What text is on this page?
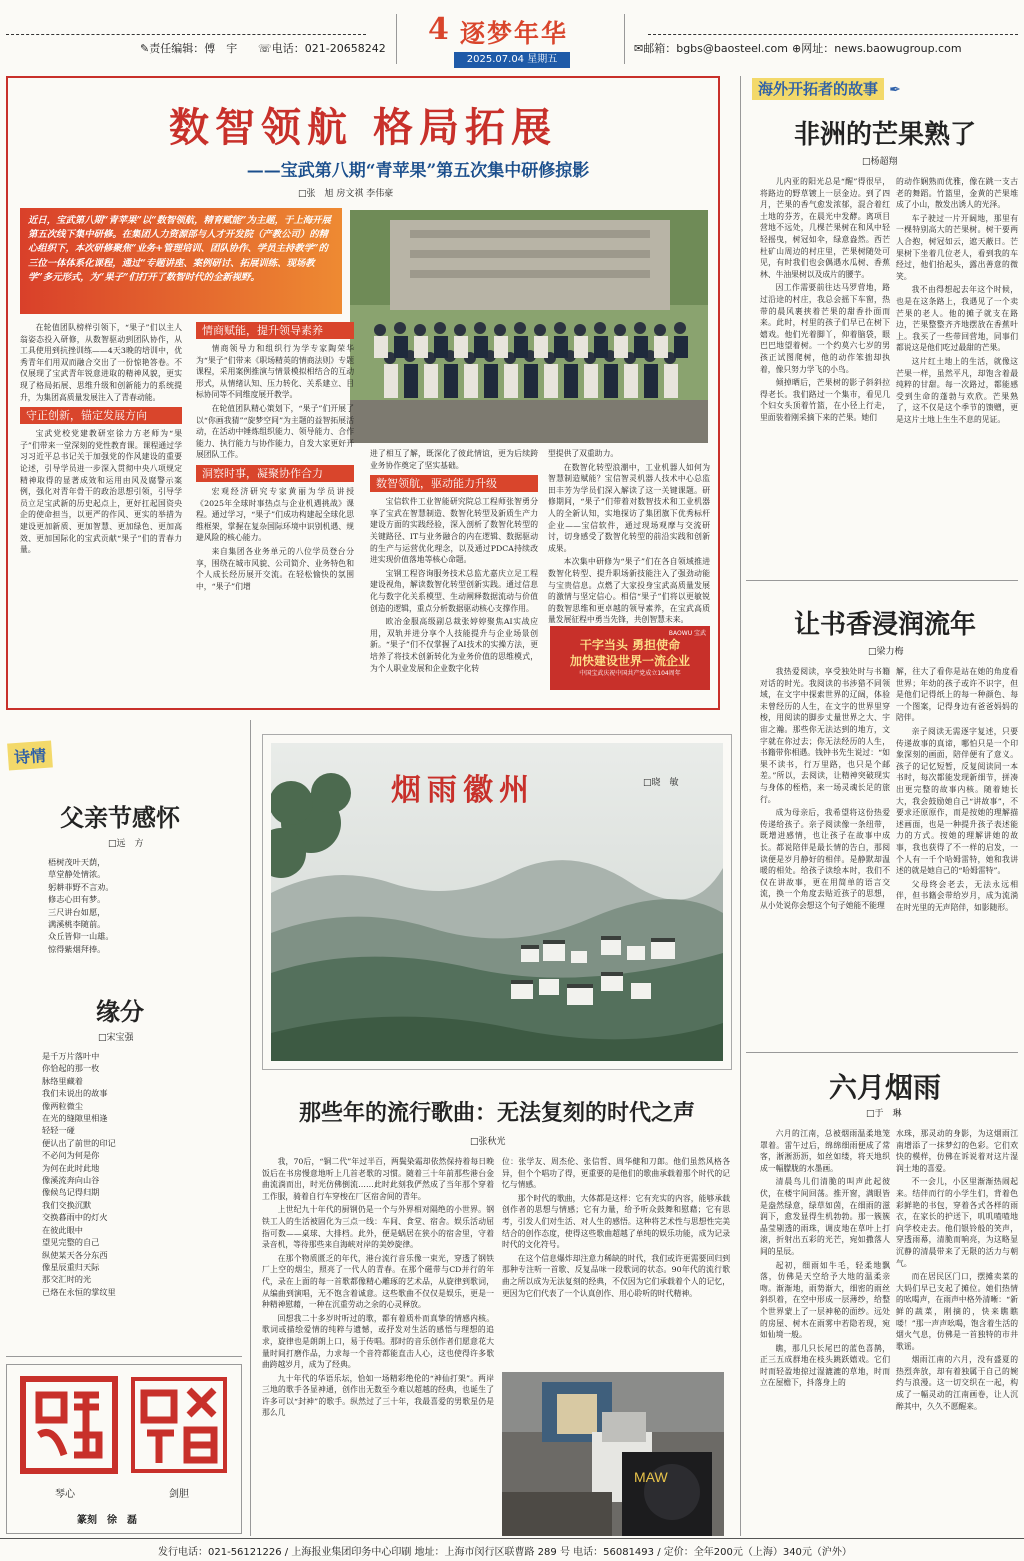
✎责任编辑：傅　宇 ☏电话：021-20658242
4 逐梦年华
2025.07.04 星期五
✉邮箱：bgbs@baosteel.com ⊕网址：news.baowugroup.com
数智领航 格局拓展
——宝武第八期“青苹果”第五次集中研修掠影
□张　旭 房文祺 李伟豪
近日，宝武第八期“青苹果”以“数智领航，精育赋能”为主题，于上海开展第五次线下集中研修。在集团人力资源部与人才开发院（产教公司）的精心组织下，本次研修聚焦“业务+管理培训、团队协作、学员主持教学”的三位一体体系化课程，通过“专题讲座、案例研讨、拓展训练、现场教学”多元形式，为“果子”们打开了数智时代的全新视野。

在轮值团队榜样引领下，“果子”们以主人翁姿态投入研修，从数智驱动到团队协作，从工具使用到抗挫训练——4天3晚的培训中，优秀青年们用双而融合交出了一份惊艳答卷。不仅展现了宝武青年锐意进取的精神风貌，更实现了格局拓展、思维升级和创新能力的系统提升，为集团高质量发展注入了青春动能。

守正创新，锚定发展方向

宝武党校党建教研室徐力方老师为“果子”们带来一堂深刻的党性教育课。课程通过学习习近平总书记关于加强党的作风建设的重要论述，引导学员进一步深入贯彻中央八项规定精神取得的显著成效和运用由风及腐警示案例，强化对青年骨干的政治思想引领，引导学员立足宝武新的历史起点上，更好扛起国资央企的使命担当，以更严的作风、更实的举措为建设更加新质、更加智慧、更加绿色、更加高效、更加国际化的宝武贡献“果子”们的青春力量。

情商赋能，提升领导素养

情商领导力和组织行为学专家陶荣华为“果子”们带来《职场精英的情商法则》专题课程，采用案例推演与情景模拟相结合的互动形式，从情绪认知、压力转化、关系建立、目标协同等不同维度展开教学。

在轮值团队精心策划下，“果子”们开展了以“你画我猜”“旋梦空间”为主题的益智拓展活动，在活动中锤炼组织能力、领导能力、合作能力、执行能力与协作能力，自发大家更好开展团队工作。

洞察时事，凝聚协作合力

宏观经济研究专家黄丽为学员讲授《2025年全球时事热点与企业机遇挑战》课程。通过学习，“果子”们成功构建起全球化思维框架，掌握在复杂国际环境中识别机遇、规避风险的核心能力。

来自集团各业务单元的八位学员登台分享，围绕在城市风貌、公司简介、业务特色和个人成长经历展开交流。在轻松愉快的氛围中，“果子”们增

进了相互了解，既深化了彼此情谊，更为后续跨业务协作奠定了坚实基础。

数智领航，驱动能力升级

宝信软件工业智能研究院总工程师张智勇分享了宝武在智慧制造、数智化转型及新质生产力建设方面的实践经验，深入剖析了数智化转型的关键路径、IT与业务融合的内在逻辑、数据驱动的生产与运营优化理念，以及通过PDCA持续改进实现价值落地等核心命题。

宝钢工程咨询服务技术总监尤嘉庆立足工程建设视角，解读数智化转型创新实践。通过信息化与数字化关系模型、生动阐释数据流动与价值创造的逻辑，重点分析数据驱动核心支撑作用。

欧冶金服高级副总裁张婷婷聚焦AI实战应用，双轨并进分享个人技能提升与企业场景创新。“果子”们不仅掌握了AI技术的实操方法，更培养了将技术创新转化为业务价值的思维模式，为个人职业发展和企业数字化转

型提供了双重助力。

在数智化转型浪潮中，工业机器人如何为智慧制造赋能？宝信智灵机器人技术中心总监田丰芳为学员们深入解读了这一关键课题。研修期间，“果子”们带着对数智技术和工业机器人的全新认知，实地探访了集团旗下优秀标杆企业——宝信软件，通过现场观摩与交流研讨，切身感受了数智化转型的前沿实践和创新成果。

本次集中研修为“果子”们在各自领域推进数智化转型、提升职场新技能注入了强劲动能与宝贵信息。点燃了大家投身宝武高质量发展的激情与坚定信心。相信“果子”们将以更敏锐的数智思维和更卓越的领导素养，在宝武高质量发展征程中勇当先锋，共创智慧未来。

BAOWU 宝武
干字当头 勇担使命
加快建设世界一流企业
中国宝武庆祝中国共产党成立104周年
海外开拓者的故事 ✒
非洲的芒果熟了
□杨超翔

儿内亚的阳光总是“醒”得很早，将路边的野草镀上一层金边。到了四月，芒果的香气愈发浓郁，混合着红土地的芬芳，在晨光中发酵。离项目营地不远处，几棵芒果树在和风中轻轻摇曳，树冠如伞，绿意盎然。西芒杜矿山周边的村庄里，芒果树随处可见，有时我们也会偶遇水瓜树、香蕉林、牛油果树以及成片的腰芋。

因工作需要前往达马罗营地，路过沿途的村庄，我总会摇下车窗，热带的晨风裹挟着芒果的甜香扑面而来。此时，村里的孩子们早已在树下嬉戏。他们光着脚丫，仰着脑袋，眼巴巴地望着树。一个约莫六七岁的男孩正试图爬树，他的动作笨拙却执着，像只努力学飞的小鸟。

倾掉晒后，芒果树的影子斜斜拉得老长。我们路过一个集市，看见几个妇女头顶着竹篮，在小径上行走，里面装着刚采摘下来的芒果。她们

的动作娴熟而优雅，像在跳一支古老的舞蹈。竹篮里，金黄的芒果堆成了小山，散发出诱人的光泽。

车子驶过一片开阔地，那里有一棵特别高大的芒果树。树干要两人合抱，树冠如云，遮天蔽日。芒果树下坐着几位老人，看到我的车经过，他们抬起头，露出善意的微笑。

我不由得想起去年这个时候，也是在这条路上，我遇见了一个卖芒果的老人。他的摊子就支在路边，芒果整整齐齐地摆放在香蕉叶上。我买了一些带回营地，同事们都说这是他们吃过最甜的芒果。

这片红土地上的生活，就像这芒果一样，虽然平凡，却饱含着最纯粹的甘甜。每一次路过，都能感受到生命的蓬勃与欢欣。芒果熟了，这不仅是这个季节的馈赠，更是这片土地上生生不息的见证。

让书香浸润流年
□梁力梅

我热爱阅读，享受独处时与书籍对话的时光。我阅读的书涉猎不同领域，在文字中探索世界的辽阔，体验未曾经历的人生，在文字的世界里穿梭，用阅读的脚步丈量世界之大、宇宙之瀚。那些你无法达到的地方，文字就在你过去；你无法经历的人生，书籍带你相遇。钱钟书先生说过：“如果不读书，行万里路，也只是个邮差。”所以，去阅读，让精神突破现实与身体的桎梏，来一场灵魂长足的旅行。

成为母亲后，我希望将这份热爱传递给孩子。亲子阅读像一条纽带，既增进感情，也让孩子在故事中成长。都说陪伴是最长情的告白，那阅读便是岁月静好的相伴。是静默却温暖的相处。给孩子读绘本时，我们不仅在讲故事，更在用简单的语言交流，换一个角度去贴近孩子的思想，从小处说你会想这个句子她能不能理

解，往大了看你是站在她的角度看世界；年幼的孩子或许不识字，但是他们记得纸上的每一种颜色、每一个图案，记得身边有爸爸妈妈的陪伴。

亲子阅读无需逐字复述，只要传递故事的真谛，哪怕只是一个印象深刻的画面，陪伴便有了意义。孩子的记忆短暂，反复阅读同一本书时，每次都能发现新细节，拼凑出更完整的故事内核。随着她长大，我会鼓励她自己“讲故事”，不要求还原原作，而是按她的理解描述画面，也是一种提升孩子表述能力的方式。按她的理解讲她的故事，我也获得了不一样的启发，一个人有一千个哈姆雷特，她和我讲述的就是她自己的“哈姆雷特”。

父母终会老去，无法永远相伴，但书籍会带给岁月，成为流淌在时光里的无声陪伴，如影随形。

六月烟雨
□于　琳

六月的江南，总被烟雨温柔地笼罩着。雷午过后，绵绵细雨便成了常客，淅淅沥沥，如丝如缕，将天地织成一幅朦胧的水墨画。

清晨鸟儿们清脆的叫声此起彼伏，在楼宇间回荡。推开窗，满眼皆是盎然绿意，绿草如茵，在细雨的滋润下，愈发显得生机勃勃。那一簇簇晶莹剔透的雨珠，调皮地在草叶上打滚，折射出五彩的光芒，宛如撒落人间的星辰。

起初，细雨如牛毛，轻柔地飘落，仿佛是天空给予大地的温柔亲吻。渐渐地，雨势渐大，细密的雨丝斜织着，在空中形成一层薄纱，给整个世界蒙上了一层神秘的面纱。远处的房屋、树木在雨雾中若隐若现，宛如仙境一般。

瞧，那几只长尾巴的蓝色喜鹊，正三五成群地在枝头跳跃嬉戏。它们时而轻盈地掠过湿漉漉的草地，时而立在屋檐下，抖落身上的

水珠，那灵动的身影，为这烟雨江南增添了一抹梦幻的色彩。它们欢快的模样，仿佛在诉说着对这片湿润土地的喜爱。

不一会儿，小区里渐渐热闹起来。结伴而行的小学生们，背着色彩鲜艳的书包，穿着各式各样的雨衣，在家长的护送下，叽叽喳喳地向学校走去。他们银铃般的笑声，穿透雨幕，清脆而响亮，为这略显沉静的清晨带来了无限的活力与朝气。

而在居民区门口，摆摊卖菜的大妈们早已支起了摊位。她们热情的吆喝声，在雨声中格外清晰：“新鲜的蔬菜，刚摘的，快来瞧瞧喽！”那一声声吆喝，饱含着生活的烟火气息，仿佛是一首独特的市井歌谣。

烟雨江南的六月，没有盛夏的热烈奔放，却有着独属于自己的婉约与浪漫。这一切交织在一起，构成了一幅灵动的江南画卷，让人沉醉其中，久久不愿醒来。

诗情
父亲节感怀
□远　方
梧树茂叶天荫，
草堂静处情浓。
躬耕菲野不言劝。
修志心田有梦。
三尺讲台如愿，
满溪桃李随前。
众丘皆仰一山雄。
惊得紫烟拜捧。
缘分
□宋宝强
是千万片落叶中
你恰起的那一枚
脉络里藏着
我们未说出的故事
像两粒微尘
在光的缝隙里相逢
轻轻一碰
便认出了前世的印记
不必问为何是你
为何在此时此地
像溪流奔向山谷
像候鸟记得归期
我们交换沉默
交换暮雨中的灯火
在彼此眼中
望见完整的自己
纵使某天各分东西
像星辰重归天际
那交汇时的光
已烙在永恒的掌纹里
琴心	剑胆
篆刻　徐　磊
烟雨徽州	□晓　敏
那些年的流行歌曲：无法复刻的时代之声
□张秋光

我，70后，“铜二代”年过半百，两鬓染霜却依然保持着每日晚饭后在书房慢意地听上几首老歌的习惯。随着三十年前那些港台金曲流淌而出，时光仿佛倒流……此时此刻我俨然成了当年那个穿着工作服，骑着自行车穿梭在厂区宿舍间的青年。

上世纪九十年代的厨钢仍是一个与外界相对隔绝的小世界。钢铁工人的生活被固化为三点一线：车间、食堂、宿舍。娱乐活动屈指可数——桌球、大排档。此外，便是蜗居在狭小的宿舍里，守着录音机，等待那些来自海峡对岸的美妙旋律。

在那个物质匮乏的年代，港台流行音乐像一束光，穿透了钢铁厂上空的烟尘，照亮了一代人的青春。在那个磁带与CD并行的年代，录在上面的每一首歌都像精心雕琢的艺术品，从旋律到歌词，从编曲到演唱，无不饱含着诚意。这些歌曲不仅仅是娱乐，更是一种精神慰藉，一种在沉重劳动之余的心灵释放。

回想我二十多岁时听过的歌，都有着质朴而真挚的情感内核。歌词或描绘爱情的纯粹与遗憾，或抒发对生活的感悟与理想的追求，旋律也是朗朗上口，易于传唱。那时的音乐创作者们愿意花大量时间打磨作品，力求每一个音符都能直击人心，这也使得许多歌曲跨越岁月，成为了经典。

九十年代的华语乐坛，恰如一场精彩绝伦的“神仙打架”。两岸三地的歌手各显神通，创作出无数至今难以超越的经典，也诞生了许多可以“封神”的歌手。纵然过了三十年，我最喜爱的男歌星仍是那么几

位：张学友、周杰伦、张信哲、周华健和刀郎。他们虽然风格各异，但个个唱功了得，更重要的是他们的歌曲承载着那个时代的记忆与情感。

那个时代的歌曲，大体都是这样：它有充实的内容，能够承载创作者的思想与情感；它有力量，给予听众鼓舞和慰藉；它有思考，引发人们对生活、对人生的感悟。这种将艺术性与思想性完美结合的创作态度，使得这些歌曲超越了单纯的娱乐功能，成为记录时代的文化符号。

在这个信息爆炸却注意力稀缺的时代，我们或许更需要回归到那种专注听一首歌、反复品味一段歌词的状态。90年代的流行歌曲之所以成为无法复刻的经典，不仅因为它们承载着个人的记忆，更因为它们代表了一个认真创作、用心聆听的时代精神。

MAW
发行电话：021-56121226 / 上海报业集团印务中心印刷 地址：上海市闵行区联曹路 289 号 电话：56081493 / 定价：全年200元（上海）340元（沪外）
